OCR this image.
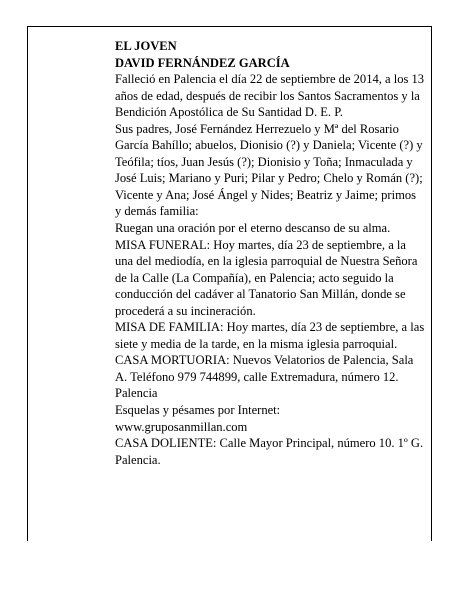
EL JOVEN

DAVID FERNÁNDEZ GARCÍA

Falleció en Palencia el día 22 de septiembre de 2014, a los 13 años de edad, después de recibir los Santos Sacramentos y la Bendición Apostólica de Su Santidad D. E. P.

Sus padres, José Fernández Herrezuelo y Mª del Rosario García Bahíllo; abuelos, Dionisio (?) y Daniela; Vicente (?) y Teófila; tíos, Juan Jesús (?); Dionisio y Toña; Inmaculada y José Luis; Mariano y Puri; Pilar y Pedro; Chelo y Román (?); Vicente y Ana; José Ángel y Nides; Beatriz y Jaime; primos y demás familia:

Ruegan una oración por el eterno descanso de su alma.

MISA FUNERAL: Hoy martes, día 23 de septiembre, a la una del mediodía, en la iglesia parroquial de Nuestra Señora de la Calle (La Compañía), en Palencia; acto seguido la conducción del cadáver al Tanatorio San Millán, donde se procederá a su incineración.

MISA DE FAMILIA: Hoy martes, día 23 de septiembre, a las siete y media de la tarde, en la misma iglesia parroquial.

CASA MORTUORIA: Nuevos Velatorios de Palencia, Sala A. Teléfono 979 744899, calle Extremadura, número 12. Palencia

Esquelas y pésames por Internet:

www.gruposanmillan.com

CASA DOLIENTE: Calle Mayor Principal, número 10. 1º G. Palencia.
